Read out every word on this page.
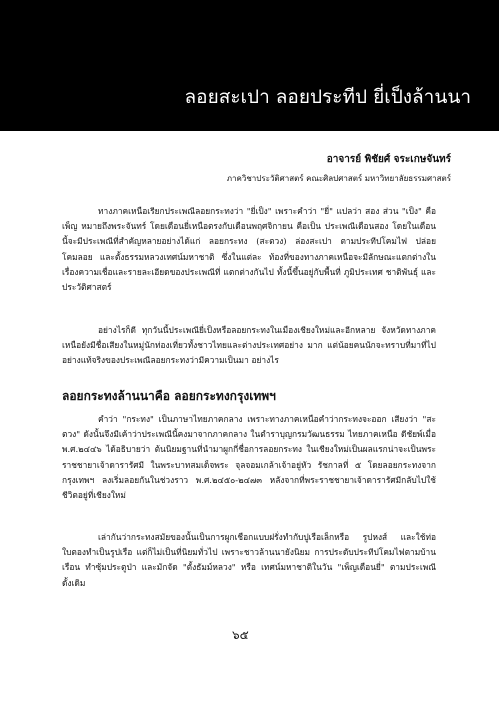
ลอยสะเปา ลอยประทีป ยี่เป็งล้านนา
อาจารย์ พิชัยศ์ จระเกษจันทร์
ภาควิชาประวัติศาสตร์ คณะศิลปศาสตร์ มหาวิทยาลัยธรรมศาสตร์

ทางภาคเหนือเรียกประเพณีลอยกระทงว่า "ยี่เป็ง" เพราะคำว่า "ยี่" แปลว่า สอง ส่วน "เป็ง" คือเพ็ญ หมายถึงพระจันทร์ โดยเดือนยี่เหนือตรงกับเดือนพฤศจิกายน คือเป็น ประเพณีเดือนสอง โดยในเดือนนี้จะมีประเพณีที่สำคัญหลายอย่างได้แก่ ลอยกระทง (สะตวง) ล่องสะเปา ตามประทีปโคมไฟ ปล่อยโคมลอย และตั้งธรรมหลวงเทศน์มหาชาติ ซึ่งในแต่ละ ท้องที่ของทางภาคเหนือจะมีลักษณะแตกต่างในเรื่องความเชื่อและรายละเอียดของประเพณีที่ แตกต่างกันไป ทั้งนี้ขึ้นอยู่กับพื้นที่ ภูมิประเทศ ชาติพันธุ์ และประวัติศาสตร์

อย่างไรก็ดี ทุกวันนี้ประเพณียี่เป็งหรือลอยกระทงในเมืองเชียงใหม่และอีกหลาย จังหวัดทางภาคเหนือยังมีชื่อเสียงในหมู่นักท่องเที่ยวทั้งชาวไทยและต่างประเทศอย่าง มาก แต่น้อยคนนักจะทราบที่มาที่ไปอย่างแท้จริงของประเพณีลอยกระทงว่ามีความเป็นมา อย่างไร

ลอยกระทงล้านนาคือ ลอยกระทงกรุงเทพฯ

คำว่า "กระทง" เป็นภาษาไทยภาคกลาง เพราะทางภาคเหนือคำว่ากระทงจะออก เสียงว่า "สะตวง" ดังนั้นจึงมีเค้าว่าประเพณีนี้คงมาจากภาคกลาง ในตำราบุญกรมวัฒนธรรม ไทยภาคเหนือ ดีชัยพ์เมื่อ พ.ศ.๒๔๔๖ ได้อธิบายว่า ต้นนิยมฐานที่นำมาผูกกี่ชื่อการลอยกระทง ในเชียงใหม่เป็นผลแรกน่าจะเป็นพระราชชายาเจ้าดารารัศมี ในพระบาทสมเด็จพระ จุลจอมเกล้าเจ้าอยู่หัว รัชกาลที่ ๕ โดยลอยกระทงจากกรุงเทพฯ ลงเริ่มลอยกันในช่วงราว พ.ศ.๒๔๕๐-๒๔๗๓ หลังจากที่พระราชชายาเจ้าดารารัศมีกลับไปใช้ชีวิตอยู่ที่เชียงใหม่

เล่ากันว่ากระทงสมัยของนั้นเป็นการผูกเชือกแบบฝรั่งทำกับปูเรือเล็กหรือ รูปหงส์ และใช้ท่อใบตองทำเป็นรูปเรือ แต่ก็ไม่เป็นที่นิยมทั่วไป เพราะชาวล้านนายังนิยม การประดับประทีปโคมไฟตามบ้านเรือน ทำซุ้มประตูป่า และมักจัด "ตั้งธัมม์หลวง" หรือ เทศน์มหาชาติในวัน "เพ็ญเดือนยี่" ตามประเพณีดั้งเดิม

๖๕
